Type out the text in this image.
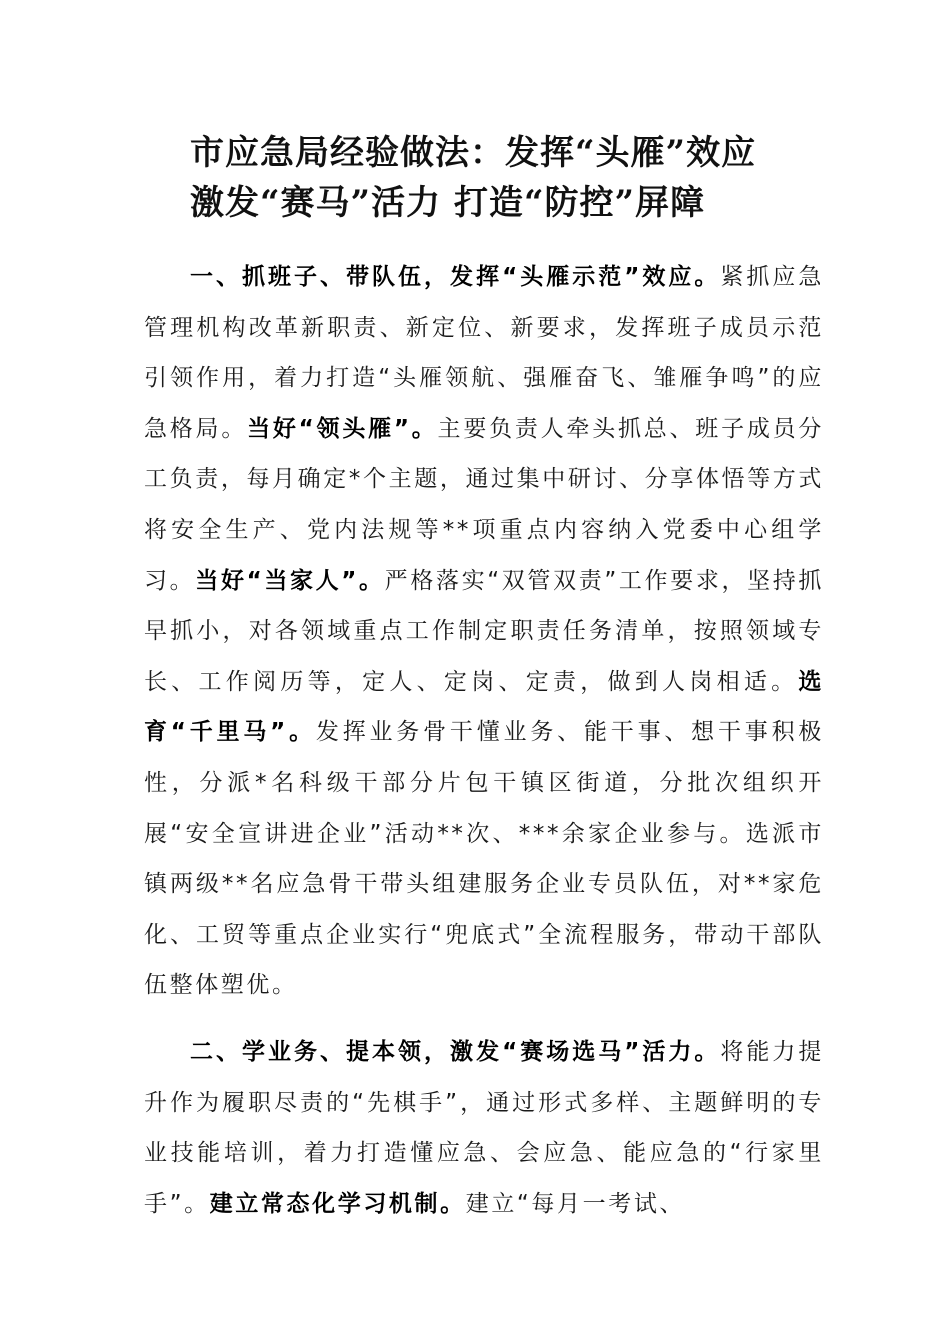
市应急局经验做法：发挥“头雁”效应
激发“赛马”活力 打造“防控”屏障

一、抓班子、带队伍，发挥“头雁示范”效应。紧抓应急管理机构改革新职责、新定位、新要求，发挥班子成员示范引领作用，着力打造“头雁领航、强雁奋飞、雏雁争鸣”的应急格局。当好“领头雁”。主要负责人牵头抓总、班子成员分工负责，每月确定*个主题，通过集中研讨、分享体悟等方式将安全生产、党内法规等**项重点内容纳入党委中心组学习。当好“当家人”。严格落实“双管双责”工作要求，坚持抓早抓小，对各领域重点工作制定职责任务清单，按照领域专长、工作阅历等，定人、定岗、定责，做到人岗相适。选育“千里马”。发挥业务骨干懂业务、能干事、想干事积极性，分派*名科级干部分片包干镇区街道，分批次组织开展“安全宣讲进企业”活动**次、***余家企业参与。选派市镇两级**名应急骨干带头组建服务企业专员队伍，对**家危化、工贸等重点企业实行“兜底式”全流程服务，带动干部队伍整体塑优。

二、学业务、提本领，激发“赛场选马”活力。将能力提升作为履职尽责的“先棋手”，通过形式多样、主题鲜明的专业技能培训，着力打造懂应急、会应急、能应急的“行家里手”。建立常态化学习机制。建立“每月一考试、
